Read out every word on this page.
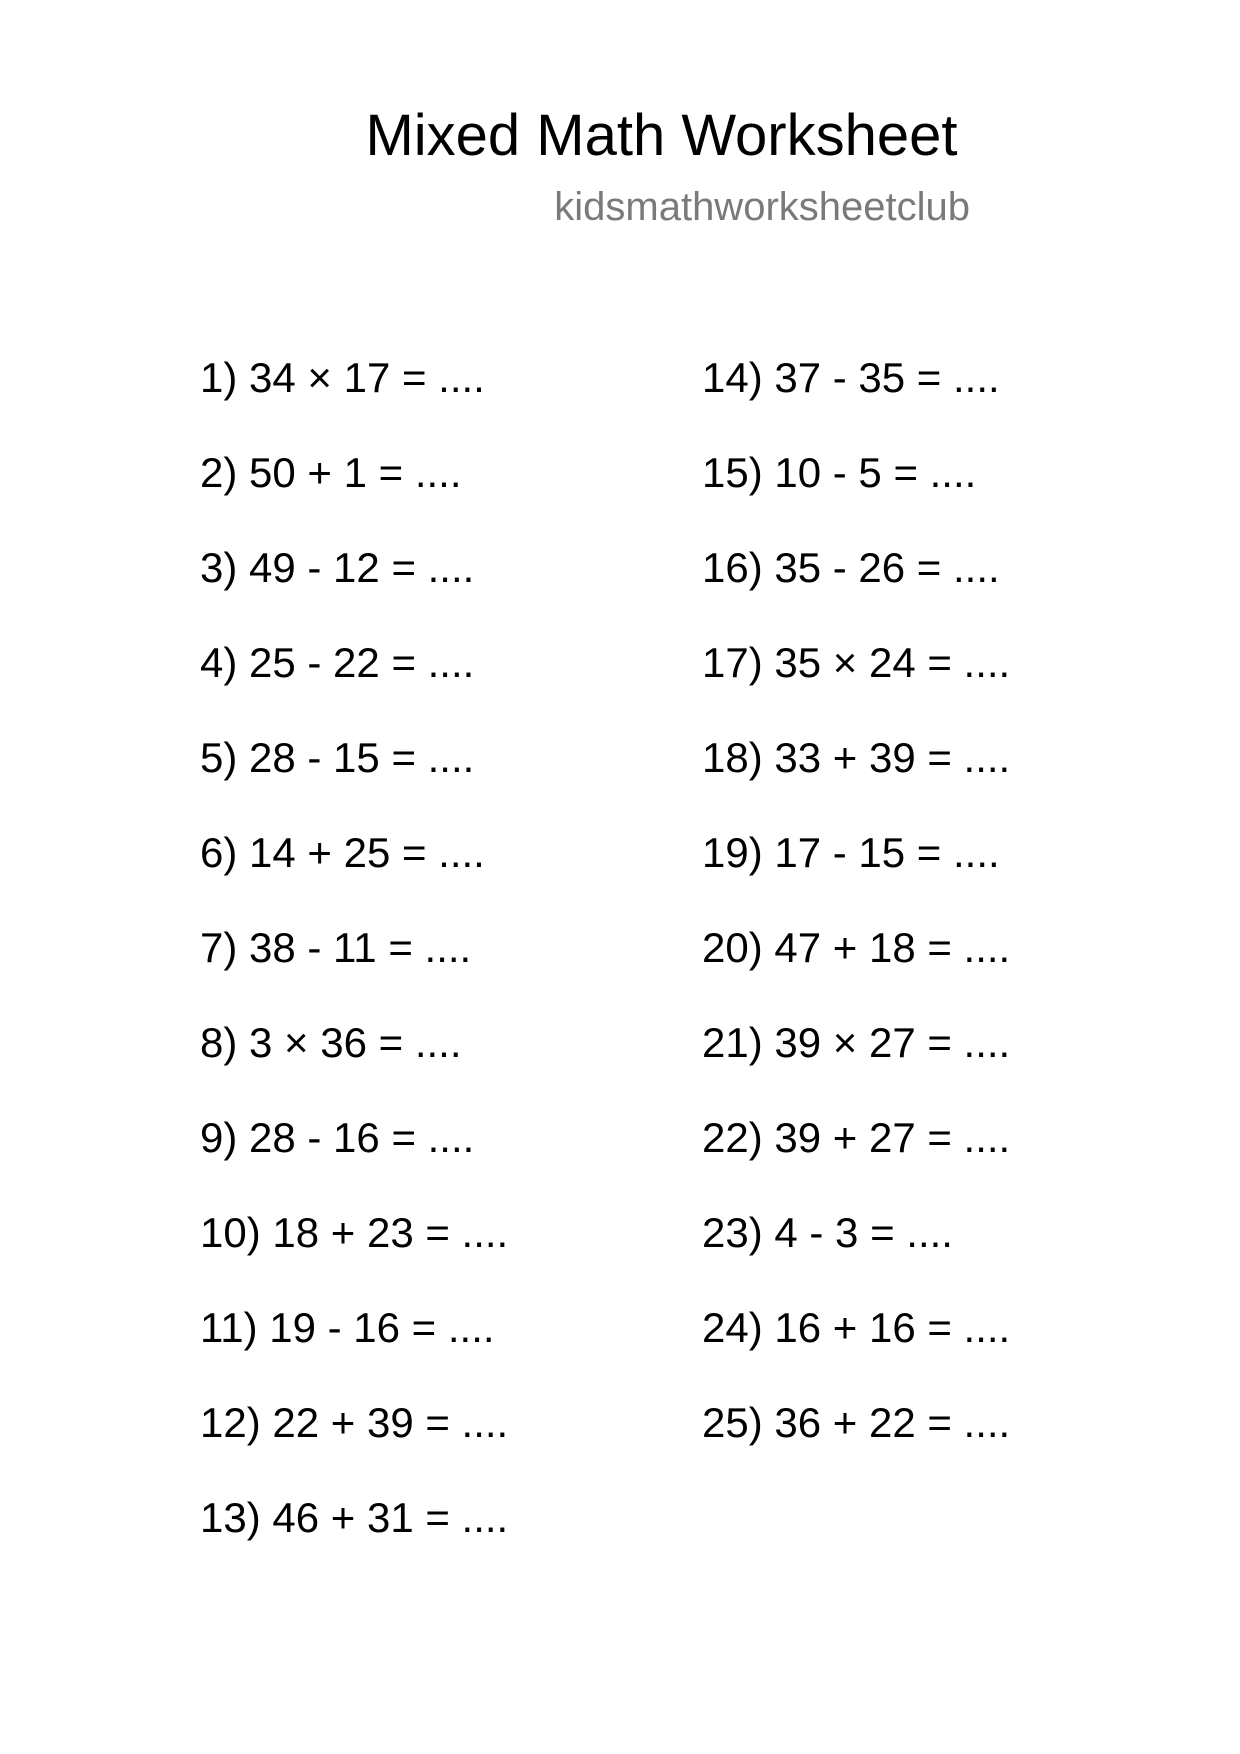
Mixed Math Worksheet
kidsmathworksheetclub
1) 34 × 17 = ....
2) 50 + 1 = ....
3) 49 - 12 = ....
4) 25 - 22 = ....
5) 28 - 15 = ....
6) 14 + 25 = ....
7) 38 - 11 = ....
8) 3 × 36 = ....
9) 28 - 16 = ....
10) 18 + 23 = ....
11) 19 - 16 = ....
12) 22 + 39 = ....
13) 46 + 31 = ....
14) 37 - 35 = ....
15) 10 - 5 = ....
16) 35 - 26 = ....
17) 35 × 24 = ....
18) 33 + 39 = ....
19) 17 - 15 = ....
20) 47 + 18 = ....
21) 39 × 27 = ....
22) 39 + 27 = ....
23) 4 - 3 = ....
24) 16 + 16 = ....
25) 36 + 22 = ....
